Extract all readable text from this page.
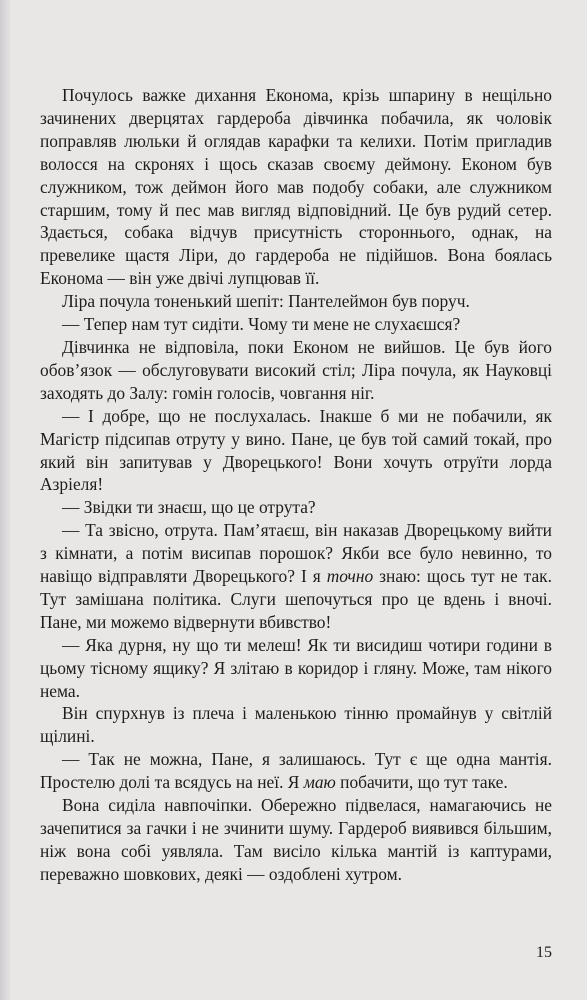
Почулось важке дихання Економа, крізь шпарину в нещільно зачинених дверцятах гардероба дівчинка побачила, як чоловік поправляв люльки й оглядав карафки та келихи. Потім пригладив волосся на скронях і щось сказав своєму деймону. Економ був служником, тож деймон його мав подобу собаки, але служником старшим, тому й пес мав вигляд відповідний. Це був рудий сетер. Здається, собака відчув присутність стороннього, однак, на превелике щастя Ліри, до гардероба не підійшов. Вона боялась Економа — він уже двічі лупцював її.

Ліра почула тоненький шепіт: Пантелеймон був поруч.

— Тепер нам тут сидіти. Чому ти мене не слухаєшся?

Дівчинка не відповіла, поки Економ не вийшов. Це був його обов’язок — обслуговувати високий стіл; Ліра почула, як Науковці заходять до Залу: гомін голосів, човгання ніг.

— І добре, що не послухалась. Інакше б ми не побачили, як Магістр підсипав отруту у вино. Пане, це був той самий токай, про який він запитував у Дворецького! Вони хочуть отруїти лорда Азріеля!

— Звідки ти знаєш, що це отрута?

— Та звісно, отрута. Пам’ятаєш, він наказав Дворецькому вийти з кімнати, а потім висипав порошок? Якби все було невинно, то навіщо відправляти Дворецького? І я точно знаю: щось тут не так. Тут замішана політика. Слуги шепочуться про це вдень і вночі. Пане, ми можемо відвернути вбивство!

— Яка дурня, ну що ти мелеш! Як ти висидиш чотири години в цьому тісному ящику? Я злітаю в коридор і гляну. Може, там нікого нема.

Він спурхнув із плеча і маленькою тінню промайнув у світлій щілині.

— Так не можна, Пане, я залишаюсь. Тут є ще одна мантія. Простелю долі та всядусь на неї. Я маю побачити, що тут таке.

Вона сиділа навпочіпки. Обережно підвелася, намагаючись не зачепитися за гачки і не зчинити шуму. Гардероб виявився більшим, ніж вона собі уявляла. Там висіло кілька мантій із каптурами, переважно шовкових, деякі — оздоблені хутром.

15
